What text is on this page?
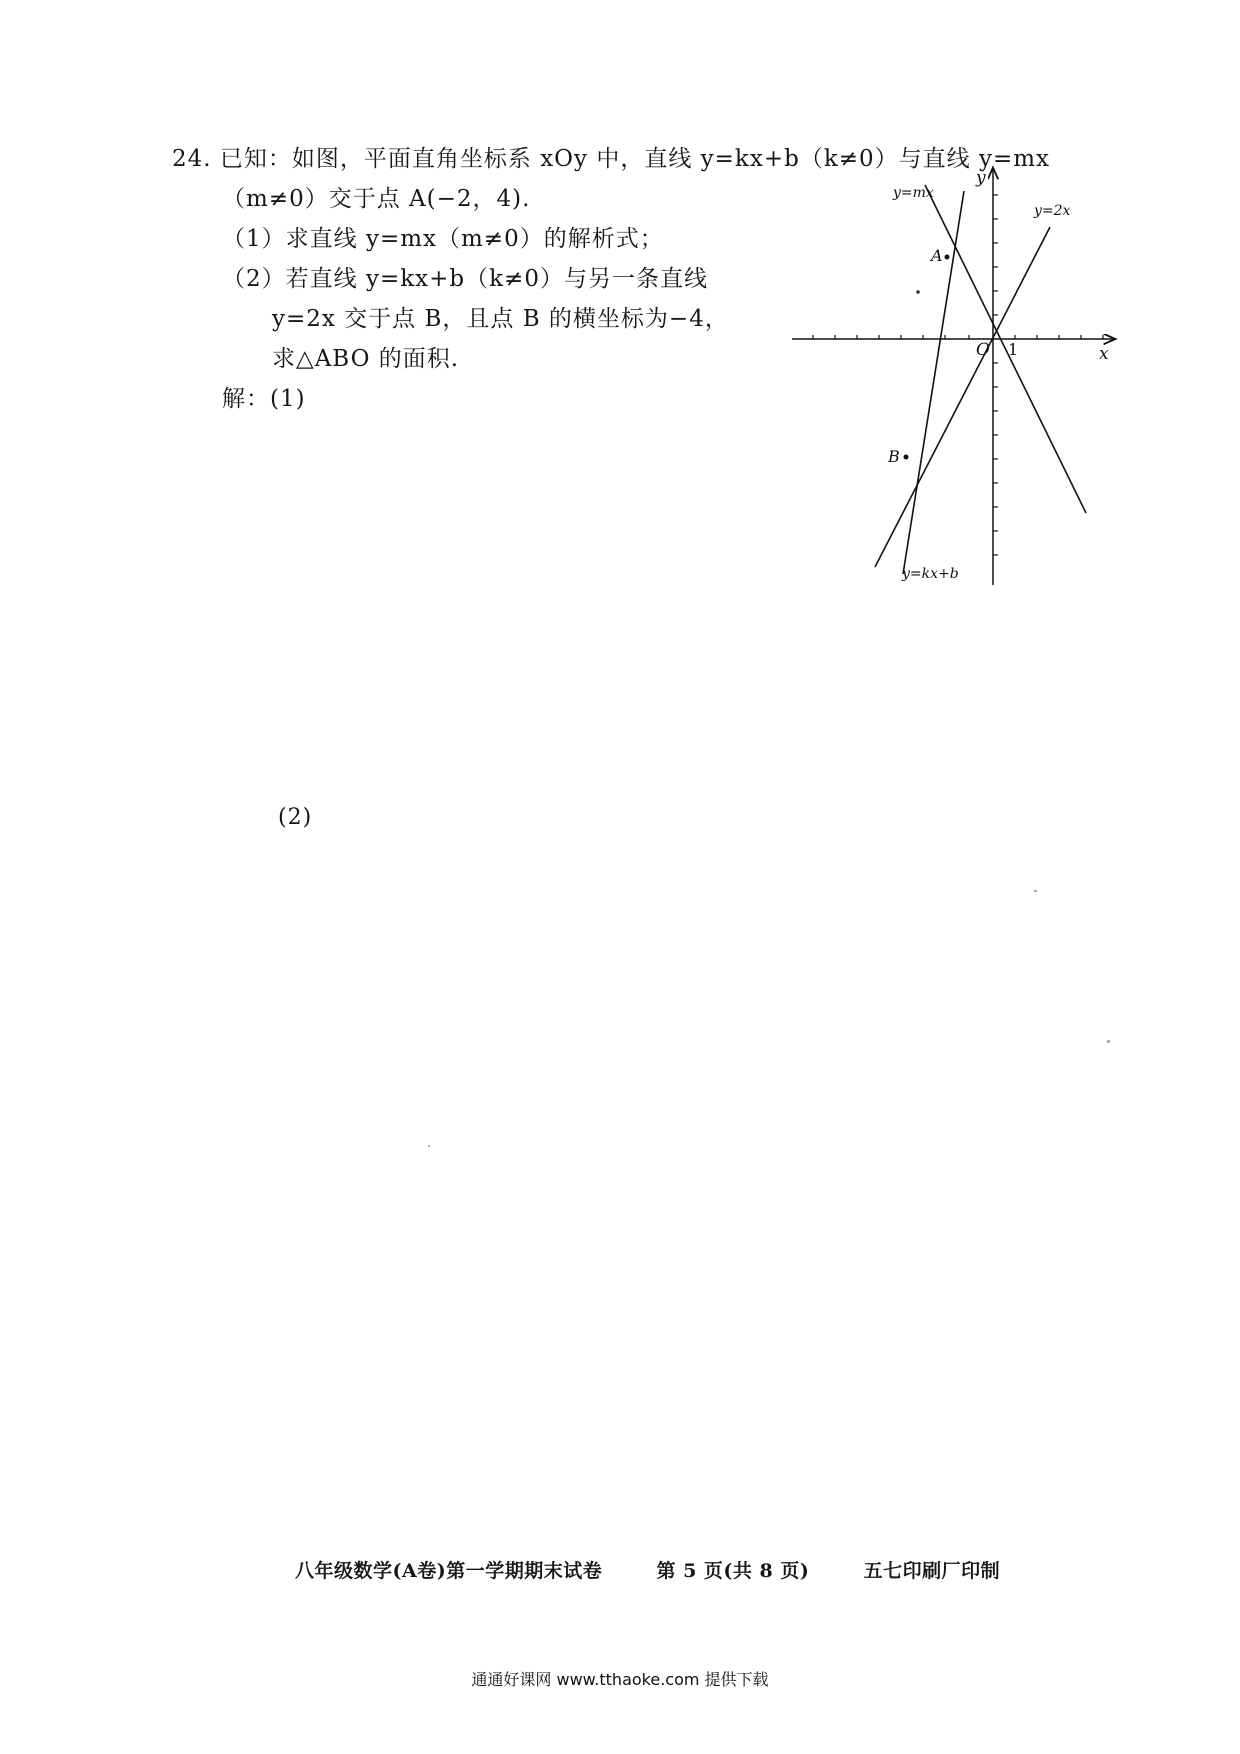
24. 已知：如图，平面直角坐标系 xOy 中，直线 y=kx+b（k≠0）与直线 y=mx
（m≠0）交于点 A(−2，4).
（1）求直线 y=mx（m≠0）的解析式；
（2）若直线 y=kx+b（k≠0）与另一条直线
y=2x 交于点 B，且点 B 的横坐标为−4，
求△ABO 的面积.
解：(1)
(2)
y
x
O 1
A
B
y=mx
y=2x
y=kx+b
八年级数学(A卷)第一学期期末试卷	第 5 页(共 8 页)	五七印刷厂印制
通通好课网 www.tthaoke.com 提供下载
